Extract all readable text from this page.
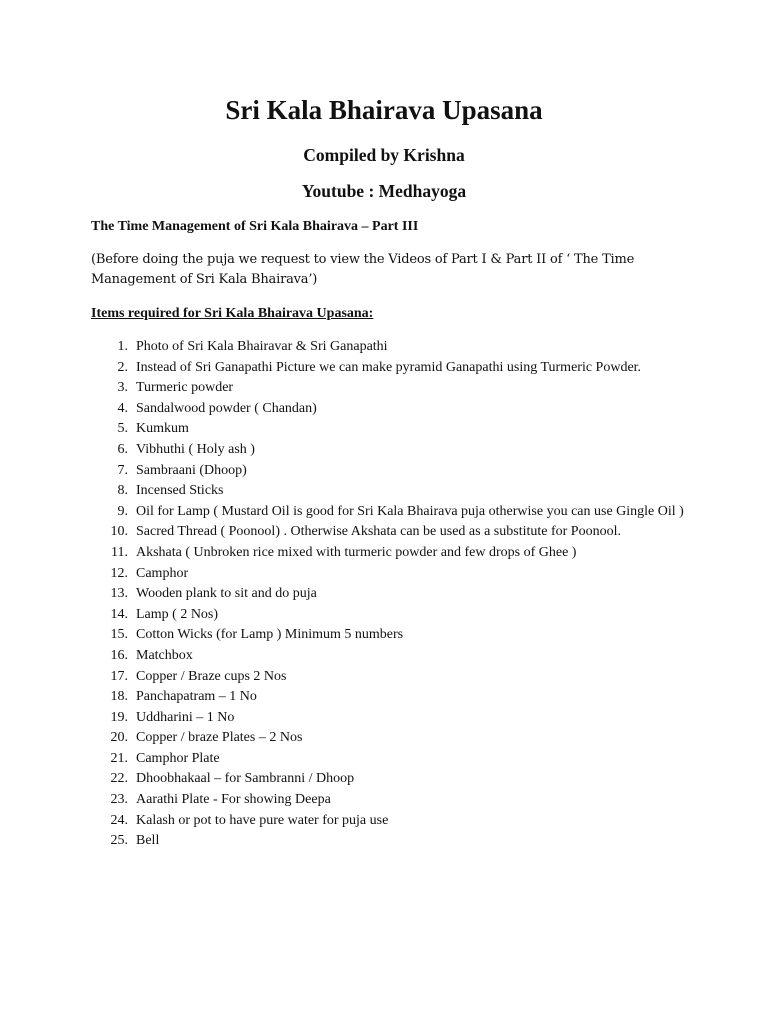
Sri Kala Bhairava Upasana
Compiled by Krishna
Youtube : Medhayoga
The Time Management of Sri Kala Bhairava – Part III
(Before doing the puja we request to view the Videos of Part I & Part II of ‘ The Time
Management of Sri Kala Bhairava’)
Items required for Sri Kala Bhairava Upasana:
1. Photo of Sri Kala Bhairavar & Sri Ganapathi
2. Instead of Sri Ganapathi Picture we can make pyramid Ganapathi using Turmeric Powder.
3. Turmeric powder
4. Sandalwood powder ( Chandan)
5. Kumkum
6. Vibhuthi ( Holy ash )
7. Sambraani (Dhoop)
8. Incensed Sticks
9. Oil for Lamp ( Mustard Oil is good for Sri Kala Bhairava puja otherwise you can use Gingle Oil )
10. Sacred Thread ( Poonool) . Otherwise Akshata can be used as a substitute for Poonool.
11. Akshata ( Unbroken rice mixed with turmeric powder and few drops of Ghee )
12. Camphor
13. Wooden plank to sit and do puja
14. Lamp ( 2 Nos)
15. Cotton Wicks (for Lamp ) Minimum 5 numbers
16. Matchbox
17. Copper / Braze cups 2 Nos
18. Panchapatram – 1 No
19. Uddharini – 1 No
20. Copper / braze Plates – 2 Nos
21. Camphor Plate
22. Dhoobhakaal – for Sambranni / Dhoop
23. Aarathi Plate - For showing Deepa
24. Kalash or pot to have pure water for puja use
25. Bell
